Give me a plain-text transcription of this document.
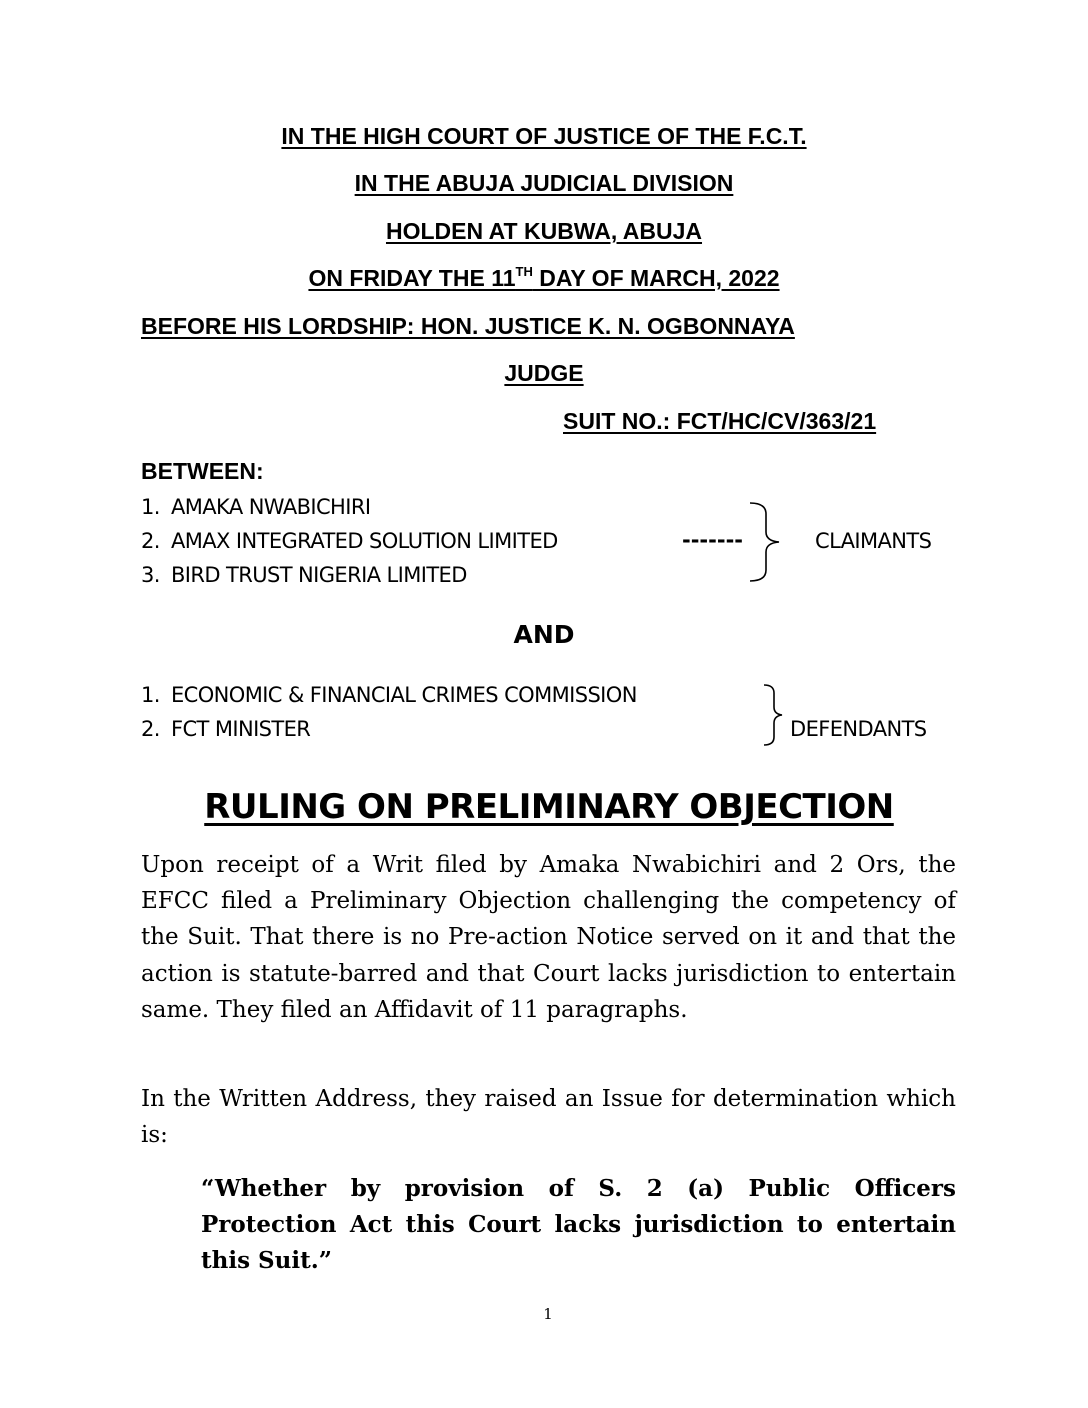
IN THE HIGH COURT OF JUSTICE OF THE F.C.T.
IN THE ABUJA JUDICIAL DIVISION
HOLDEN AT KUBWA, ABUJA
ON FRIDAY THE 11TH DAY OF MARCH, 2022
BEFORE HIS LORDSHIP: HON. JUSTICE K. N. OGBONNAYA
JUDGE
SUIT NO.: FCT/HC/CV/363/21
BETWEEN:
1. AMAKA NWABICHIRI
2. AMAX INTEGRATED SOLUTION LIMITED
3. BIRD TRUST NIGERIA LIMITED
-------	CLAIMANTS
AND
1. ECONOMIC & FINANCIAL CRIMES COMMISSION
2. FCT MINISTER	DEFENDANTS
RULING ON PRELIMINARY OBJECTION
Upon receipt of a Writ filed by Amaka Nwabichiri and 2 Ors, the EFCC filed a Preliminary Objection challenging the competency of the Suit. That there is no Pre-action Notice served on it and that the action is statute-barred and that Court lacks jurisdiction to entertain same. They filed an Affidavit of 11 paragraphs.
In the Written Address, they raised an Issue for determination which is:
“Whether by provision of S. 2 (a) Public Officers Protection Act this Court lacks jurisdiction to entertain this Suit.”
1
